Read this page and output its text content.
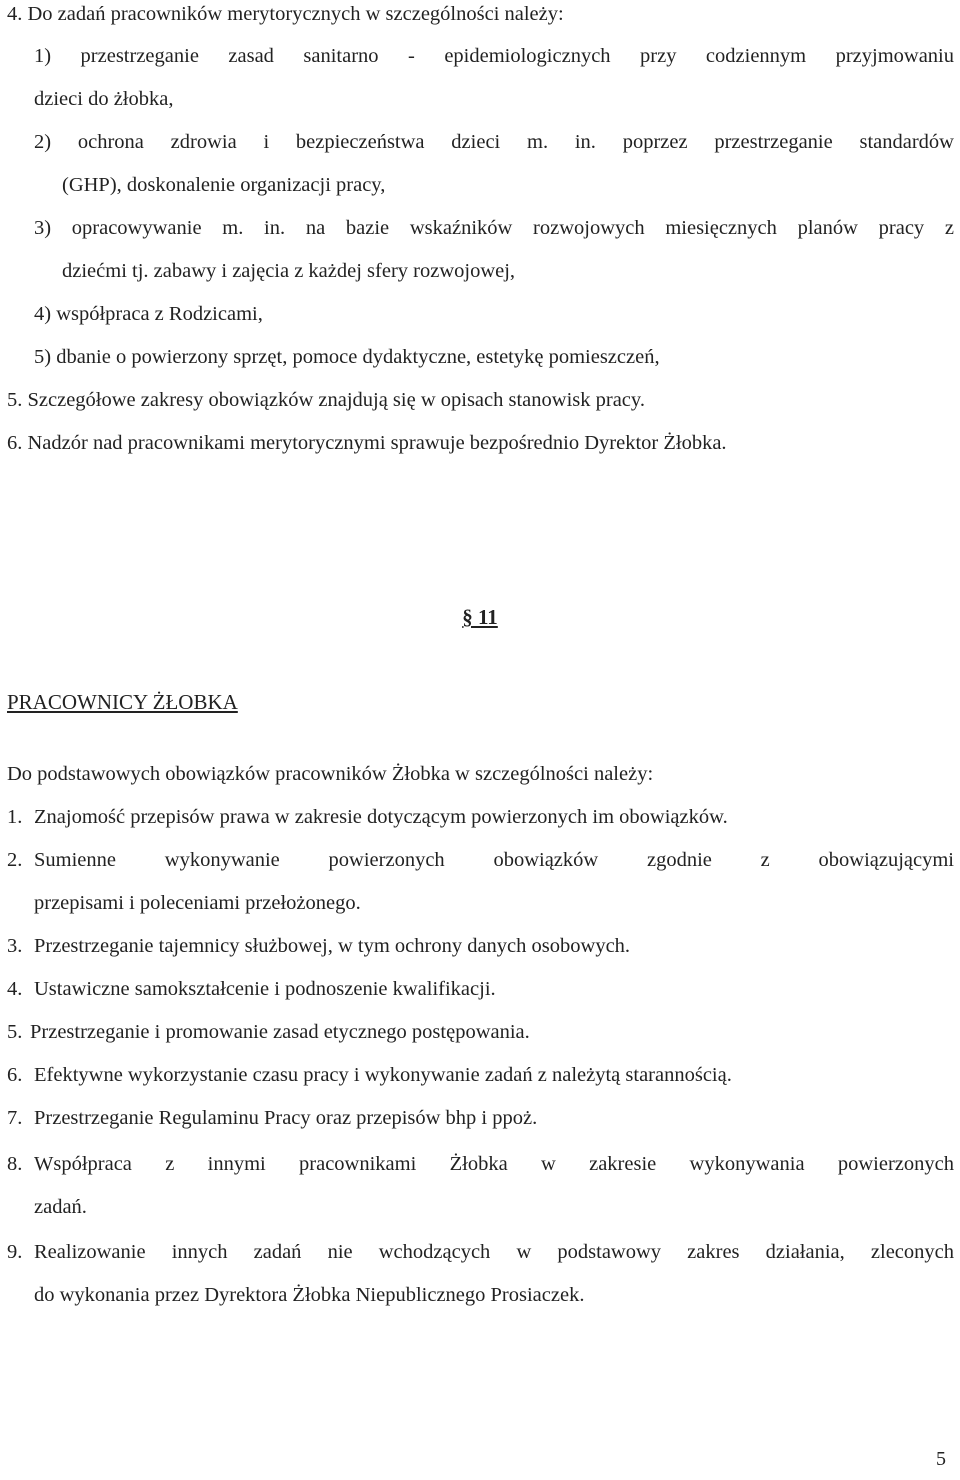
4. Do zadań pracowników merytorycznych w szczególności należy:
1) przestrzeganie zasad sanitarno - epidemiologicznych przy codziennym przyjmowaniu
dzieci do żłobka,
2) ochrona zdrowia i bezpieczeństwa dzieci m. in. poprzez przestrzeganie standardów
(GHP), doskonalenie organizacji pracy,
3) opracowywanie m. in. na bazie wskaźników rozwojowych miesięcznych planów pracy z
dziećmi tj. zabawy i zajęcia z każdej sfery rozwojowej,
4) współpraca z Rodzicami,
5) dbanie o powierzony sprzęt, pomoce dydaktyczne, estetykę pomieszczeń,
5. Szczegółowe zakresy obowiązków znajdują się w opisach stanowisk pracy.
6. Nadzór nad pracownikami merytorycznymi sprawuje bezpośrednio Dyrektor Żłobka.
§ 11
PRACOWNICY ŻŁOBKA
Do podstawowych obowiązków pracowników Żłobka w szczególności należy:
1. Znajomość przepisów prawa w zakresie dotyczącym powierzonych im obowiązków.
2. Sumienne wykonywanie powierzonych obowiązków zgodnie z obowiązującymi
przepisami i poleceniami przełożonego.
3. Przestrzeganie tajemnicy służbowej, w tym ochrony danych osobowych.
4. Ustawiczne samokształcenie i podnoszenie kwalifikacji.
5. Przestrzeganie i promowanie zasad etycznego postępowania.
6. Efektywne wykorzystanie czasu pracy i wykonywanie zadań z należytą starannością.
7. Przestrzeganie Regulaminu Pracy oraz przepisów bhp i ppoż.
8. Współpraca z innymi pracownikami Żłobka w zakresie wykonywania powierzonych
zadań.
9. Realizowanie innych zadań nie wchodzących w podstawowy zakres działania, zleconych
do wykonania przez Dyrektora Żłobka Niepublicznego Prosiaczek.
5
